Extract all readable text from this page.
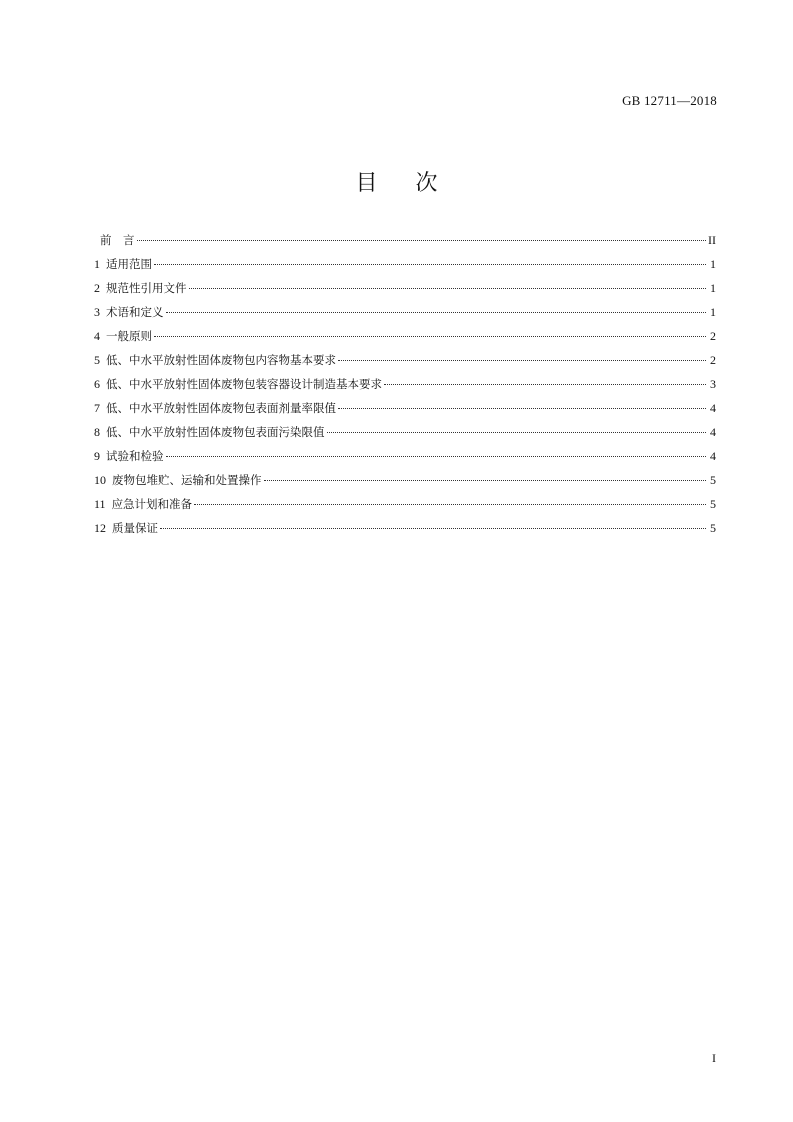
GB 12711—2018
目次
前　言	II
1 适用范围	1
2 规范性引用文件	1
3 术语和定义	1
4 一般原则	2
5 低、中水平放射性固体废物包内容物基本要求	2
6 低、中水平放射性固体废物包装容器设计制造基本要求	3
7 低、中水平放射性固体废物包表面剂量率限值	4
8 低、中水平放射性固体废物包表面污染限值	4
9 试验和检验	4
10 废物包堆贮、运输和处置操作	5
11 应急计划和准备	5
12 质量保证	5
I
